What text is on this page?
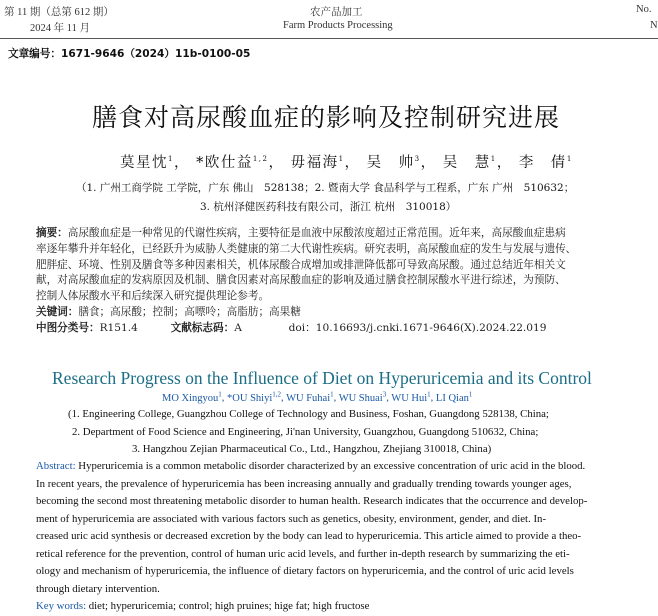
第 11 期（总第 612 期）
2024 年 11 月
农产品加工
Farm Products Processing
No.
N
文章编号：1671-9646（2024）11b-0100-05
膳食对高尿酸血症的影响及控制研究进展
莫星忱$^1$， *欧仕益$^{1,2}$， 毋福海$^1$， 吴　帅$^3$， 吴　慧$^1$， 李　倩$^1$
（1. 广州工商学院 工学院，广东 佛山　528138；2. 暨南大学 食品科学与工程系，广东 广州　510632；
3. 杭州泽健医药科技有限公司，浙江 杭州　310018）
摘要：高尿酸血症是一种常见的代谢性疾病，主要特征是血液中尿酸浓度超过正常范围。近年来，高尿酸血症患病
率逐年攀升并年轻化，已经跃升为威胁人类健康的第二大代谢性疾病。研究表明，高尿酸血症的发生与发展与遗传、
肥胖症、环境、性别及膳食等多种因素相关，机体尿酸合成增加或排泄降低都可导致高尿酸。通过总结近年相关文
献，对高尿酸血症的发病原因及机制、膳食因素对高尿酸血症的影响及通过膳食控制尿酸水平进行综述，为预防、
控制人体尿酸水平和后续深入研究提供理论参考。
关键词：膳食；高尿酸；控制；高嘌呤；高脂肪；高果糖
中图分类号：R151.4	文献标志码：A	doi：10.16693/j.cnki.1671-9646(X).2024.22.019
Research Progress on the Influence of Diet on Hyperuricemia and its Control
MO Xingyou$^1$, *OU Shiyi$^{1,2}$, WU Fuhai$^1$, WU Shuai$^3$, WU Hui$^1$, LI Qian$^1$
(1. Engineering College, Guangzhou College of Technology and Business, Foshan, Guangdong 528138, China;
2. Department of Food Science and Engineering, Ji'nan University, Guangzhou, Guangdong 510632, China;
3. Hangzhou Zejian Pharmaceutical Co., Ltd., Hangzhou, Zhejiang 310018, China)
Abstract: Hyperuricemia is a common metabolic disorder characterized by an excessive concentration of uric acid in the blood.
In recent years, the prevalence of hyperuricemia has been increasing annually and gradually trending towards younger ages,
becoming the second most threatening metabolic disorder to human health. Research indicates that the occurrence and develop-
ment of hyperuricemia are associated with various factors such as genetics, obesity, environment, gender, and diet. In-
creased uric acid synthesis or decreased excretion by the body can lead to hyperuricemia. This article aimed to provide a theo-
retical reference for the prevention, control of human uric acid levels, and further in-depth research by summarizing the eti-
ology and mechanism of hyperuricemia, the influence of dietary factors on hyperuricemia, and the control of uric acid levels
through dietary intervention.
Key words: diet; hyperuricemia; control; high pruines; hige fat; high fructose
